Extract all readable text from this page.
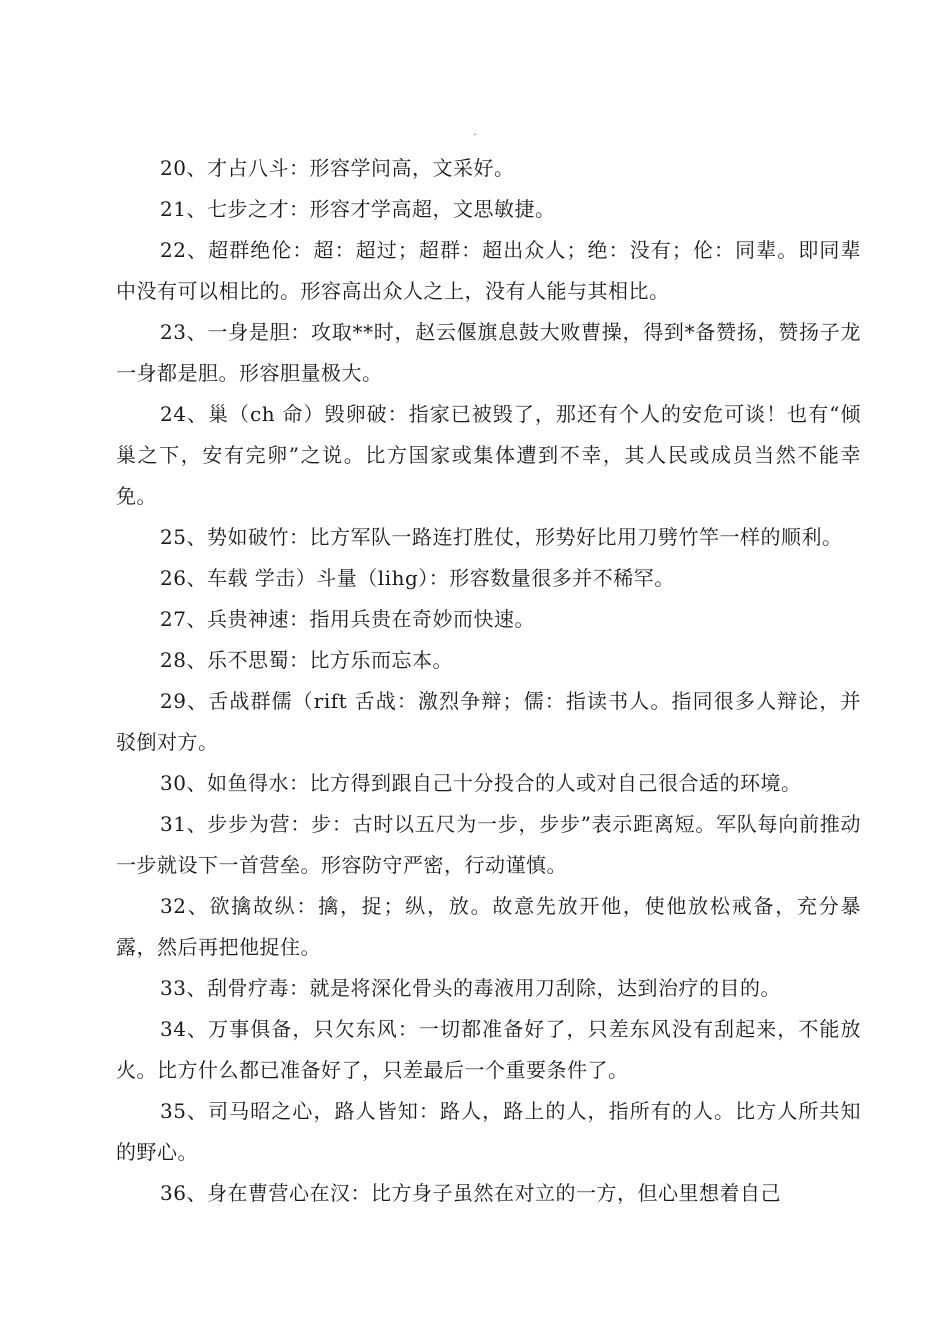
.

20、才占八斗：形容学问高，文采好。

21、七步之才：形容才学高超，文思敏捷。

22、超群绝伦：超：超过；超群：超出众人；绝：没有；伦：同辈。即同辈中没有可以相比的。形容高出众人之上，没有人能与其相比。

23、一身是胆：攻取**时，赵云偃旗息鼓大败曹操，得到*备赞扬，赞扬子龙一身都是胆。形容胆量极大。

24、巢（ch 命）毁卵破：指家已被毁了，那还有个人的安危可谈！也有“倾巢之下，安有完卵”之说。比方国家或集体遭到不幸，其人民或成员当然不能幸免。

25、势如破竹：比方军队一路连打胜仗，形势好比用刀劈竹竿一样的顺利。

26、车载 学击）斗量（lihg）：形容数量很多并不稀罕。

27、兵贵神速：指用兵贵在奇妙而快速。

28、乐不思蜀：比方乐而忘本。

29、舌战群儒（rift 舌战：激烈争辩；儒：指读书人。指同很多人辩论，并驳倒对方。

30、如鱼得水：比方得到跟自己十分投合的人或对自己很合适的环境。

31、步步为营：步：古时以五尺为一步，步步”表示距离短。军队每向前推动一步就设下一首营垒。形容防守严密，行动谨慎。

32、欲擒故纵：擒，捉；纵，放。故意先放开他，使他放松戒备，充分暴露，然后再把他捉住。

33、刮骨疗毒：就是将深化骨头的毒液用刀刮除，达到治疗的目的。

34、万事俱备，只欠东风：一切都准备好了，只差东风没有刮起来，不能放火。比方什么都已准备好了，只差最后一个重要条件了。

35、司马昭之心，路人皆知：路人，路上的人，指所有的人。比方人所共知的野心。

36、身在曹营心在汉：比方身子虽然在对立的一方，但心里想着自己
